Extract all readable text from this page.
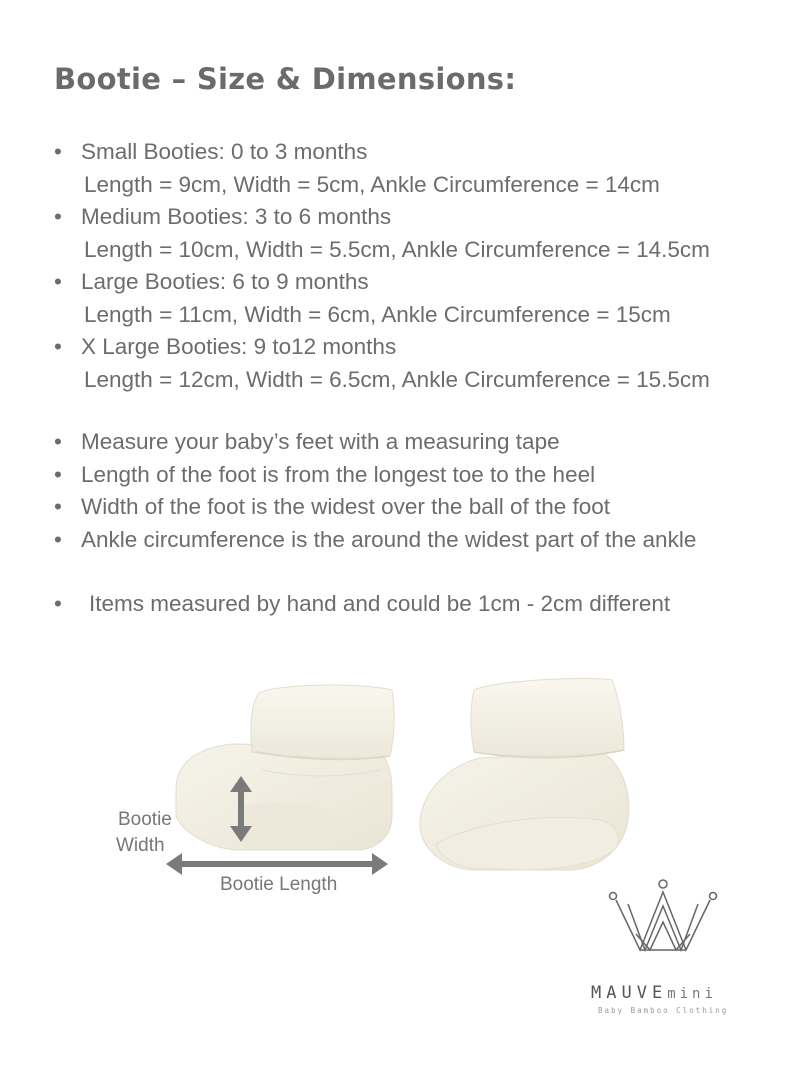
Bootie – Size & Dimensions:
• Small Booties: 0 to 3 months
Length = 9cm, Width = 5cm, Ankle Circumference = 14cm
• Medium Booties: 3 to 6 months
Length = 10cm, Width = 5.5cm, Ankle Circumference = 14.5cm
• Large Booties: 6 to 9 months
Length = 11cm, Width = 6cm, Ankle Circumference = 15cm
• X Large Booties: 9 to12 months
Length = 12cm, Width = 6.5cm, Ankle Circumference = 15.5cm
• Measure your baby’s feet with a measuring tape
• Length of the foot is from the longest toe to the heel
• Width of the foot is the widest over the ball of the foot
• Ankle circumference is the around the widest part of the ankle
• Items measured by hand and could be 1cm - 2cm different
Bootie
Width
Bootie Length
MAUVEmini
Baby Bamboo Clothing
